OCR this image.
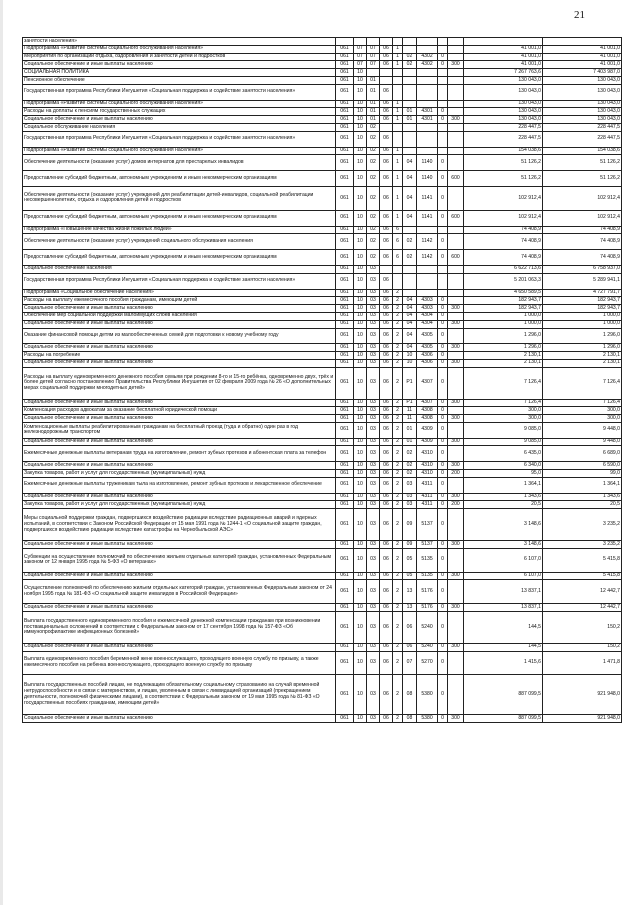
21
занятости населения»											
Подпрограмма «Развитие системы социального обслуживания населения»	061	07	07	06	1					41 001,0	41 001,0
Мероприятия по организации отдыха, оздоровления и занятости детей и подростков	061	07	07	06	1	02	4302	0		41 001,0	41 001,0
Социальное обеспечение и иные выплаты населению	061	07	07	06	1	02	4302	0	300	41 001,0	41 001,0
СОЦИАЛЬНАЯ ПОЛИТИКА	061	10								7 267 763,6	7 403 987,0
Пенсионное обеспечение	061	10	01							130 043,0	130 043,0
Государственная программа Республики Ингушетия «Социальная поддержка и содействие занятости населения»	061	10	01	06						130 043,0	130 043,0
Подпрограмма «Развитие системы социального обслуживания населения»	061	10	01	06	1					130 043,0	130 043,0
Расходы на доплаты к пенсиям государственных служащих	061	10	01	06	1	01	4301	0		130 043,0	130 043,0
Социальное обеспечение и иные выплаты населению	061	10	01	06	1	01	4301	0	300	130 043,0	130 043,0
Социальное обслуживание населения	061	10	02							228 447,5	228 447,5
Государственная программа Республики Ингушетия «Социальная поддержка и содействие занятости населения»	061	10	02	06						228 447,5	228 447,5
Подпрограмма «Развитие системы социального обслуживания населения»	061	10	02	06	1					154 038,6	154 038,6
Обеспечение деятельности (оказание услуг) домов интернатов для престарелых инвалидов	061	10	02	06	1	04	1140	0		51 126,2	51 126,2
Предоставление субсидий бюджетным, автономным учреждениям и иным некоммерческим организациям	061	10	02	06	1	04	1140	0	600	51 126,2	51 126,2
Обеспечение деятельности (оказание услуг) учреждений для реабилитации детей-инвалидов, социальной реабилитации несовершеннолетних, отдыха и оздоровления детей и подростков	061	10	02	06	1	04	1141	0		102 912,4	102 912,4
Предоставление субсидий бюджетным, автономным учреждениям и иным некоммерческим организациям	061	10	02	06	1	04	1141	0	600	102 912,4	102 912,4
Подпрограмма «Повышение качества жизни пожилых людей»	061	10	02	06	6					74 408,9	74 408,9
Обеспечение деятельности (оказание услуг) учреждений социального обслуживания населения	061	10	02	06	6	02	1142	0		74 408,9	74 408,9
Предоставление субсидий бюджетным, автономным учреждениям и иным некоммерческим организациям	061	10	02	06	6	02	1142	0	600	74 408,9	74 408,9
Социальное обеспечение населения	061	10	03							6 622 713,6	6 758 937,0
Государственная программа Республики Ингушетия «Социальная поддержка и содействие занятости населения»	061	10	03	06						5 201 063,3	5 289 941,1
Подпрограмма «Социальное обеспечение населения»	061	10	03	06	2					4 650 589,5	4 727 791,7
Расходы на выплату ежемесячного пособия гражданам, имеющим детей	061	10	03	06	2	04	4303	0		182 943,7	182 943,7
Социальное обеспечение и иные выплаты населению	061	10	03	06	2	04	4303	0	300	182 943,7	182 943,7
Обеспечение мер социальной поддержки малоимущих слоёв населения	061	10	03	06	2	04	4304	0		1 000,0	1 000,0
Социальное обеспечение и иные выплаты населению	061	10	03	06	2	04	4304	0	300	1 000,0	1 000,0
Оказание финансовой помощи детям из малообеспеченных семей для подготовки к новому учебному году	061	10	03	06	2	04	4305	0		1 296,0	1 296,0
Социальное обеспечение и иные выплаты населению	061	10	03	06	2	04	4305	0	300	1 296,0	1 296,0
Расходы на погребение	061	10	03	06	2	10	4306	0		2 130,1	2 130,1
Социальное обеспечение и иные выплаты населению	061	10	03	06	2	10	4306	0	300	2 130,1	2 130,1
Расходы на выплату единовременного денежного пособия семьям при рождении 8-го и 15-го ребёнка, одновременно двух, трёх и более детей согласно постановлению Правительства Республики Ингушетия от 02 февраля 2009 года № 26 «О дополнительных мерах социальной поддержки многодетных детей»	061	10	03	06	2	P1	4307	0		7 126,4	7 126,4
Социальное обеспечение и иные выплаты населению	061	10	03	06	2	P1	4307	0	300	7 126,4	7 126,4
Компенсация расходов адвокатам за оказание бесплатной юридической помощи	061	10	03	06	2	11	4308	0		300,0	300,0
Социальное обеспечение и иные выплаты населению	061	10	03	06	2	11	4308	0	300	300,0	300,0
Компенсационные выплаты реабилитированным гражданам на бесплатный проезд (туда и обратно) один раз в год железнодорожным транспортом	061	10	03	06	2	01	4309	0		9 085,0	9 448,0
Социальное обеспечение и иные выплаты населению	061	10	03	06	2	01	4309	0	300	9 085,0	9 448,0
Ежемесячные денежные выплаты ветеранам труда на изготовление, ремонт зубных протезов и абонентская плата за телефон	061	10	03	06	2	02	4310	0		6 435,0	6 689,0
Социальное обеспечение и иные выплаты населению	061	10	03	06	2	02	4310	0	300	6 340,0	6 590,0
Закупка товаров, работ и услуг для государственных (муниципальных) нужд	061	10	03	06	2	02	4310	0	200	95,0	99,0
Ежемесячные денежные выплаты труженикам тыла на изготовление, ремонт зубных протезов и лекарственное обеспечение	061	10	03	06	2	03	4311	0		1 364,1	1 364,1
Социальное обеспечение и иные выплаты населению	061	10	03	06	2	03	4311	0	300	1 343,6	1 343,6
Закупка товаров, работ и услуг для государственных (муниципальных) нужд	061	10	03	06	2	03	4311	0	200	20,5	20,5
Меры социальной поддержки граждан, подвергшихся воздействию радиации вследствие радиационных аварий и ядерных испытаний, в соответствии с Законом Российской Федерации от 15 мая 1991 года № 1244-1 «О социальной защите граждан, подвергшихся воздействию радиации вследствие катастрофы на Чернобыльской АЭС»	061	10	03	06	2	09	5137	0		3 148,6	3 235,2
Социальное обеспечение и иные выплаты населению	061	10	03	06	2	09	5137	0	300	3 148,6	3 235,2
Субвенции на осуществление полномочий по обеспечению жильем отдельных категорий граждан, установленных Федеральным законом от 12 января 1995 года № 5-ФЗ «О ветеранах»	061	10	03	06	2	05	5135	0		6 107,0	5 415,8
Социальное обеспечение и иные выплаты населению	061	10	03	06	2	05	5135	0	300	6 107,0	5 415,8
Осуществление полномочий по обеспечению жильем отдельных категорий граждан, установленных Федеральным законом от 24 ноября 1995 года № 181-ФЗ «О социальной защите инвалидов в Российской Федерации»	061	10	03	06	2	13	5176	0		13 837,1	12 442,7
Социальное обеспечение и иные выплаты населению	061	10	03	06	2	13	5176	0	300	13 837,1	12 442,7
Выплата государственного единовременного пособия и ежемесячной денежной компенсации гражданам при возникновении поствакцинальных осложнений в соответствии с Федеральным законом от 17 сентября 1998 года № 157-ФЗ «Об иммунопрофилактике инфекционных болезней»	061	10	03	06	2	06	5240	0		144,5	150,2
Социальное обеспечение и иные выплаты населению	061	10	03	06	2	06	5240	0	300	144,5	150,2
Выплата единовременного пособия беременной жене военнослужащего, проходящего военную службу по призыву, а также ежемесячного пособия на ребенка военнослужащего, проходящего военную службу по призыву	061	10	03	06	2	07	5270	0		1 415,6	1 471,8
Выплата государственных пособий лицам, не подлежащим обязательному социальному страхованию на случай временной нетрудоспособности и в связи с материнством, и лицам, уволенным в связи с ликвидацией организаций (прекращением деятельности, полномочий физическими лицами), в соответствии с Федеральным законом от 19 мая 1995 года № 81-ФЗ «О государственных пособиях гражданам, имеющим детей»	061	10	03	06	2	08	5380	0		887 099,5	921 948,0
Социальное обеспечение и иные выплаты населению	061	10	03	06	2	08	5380	0	300	887 099,5	921 948,0
